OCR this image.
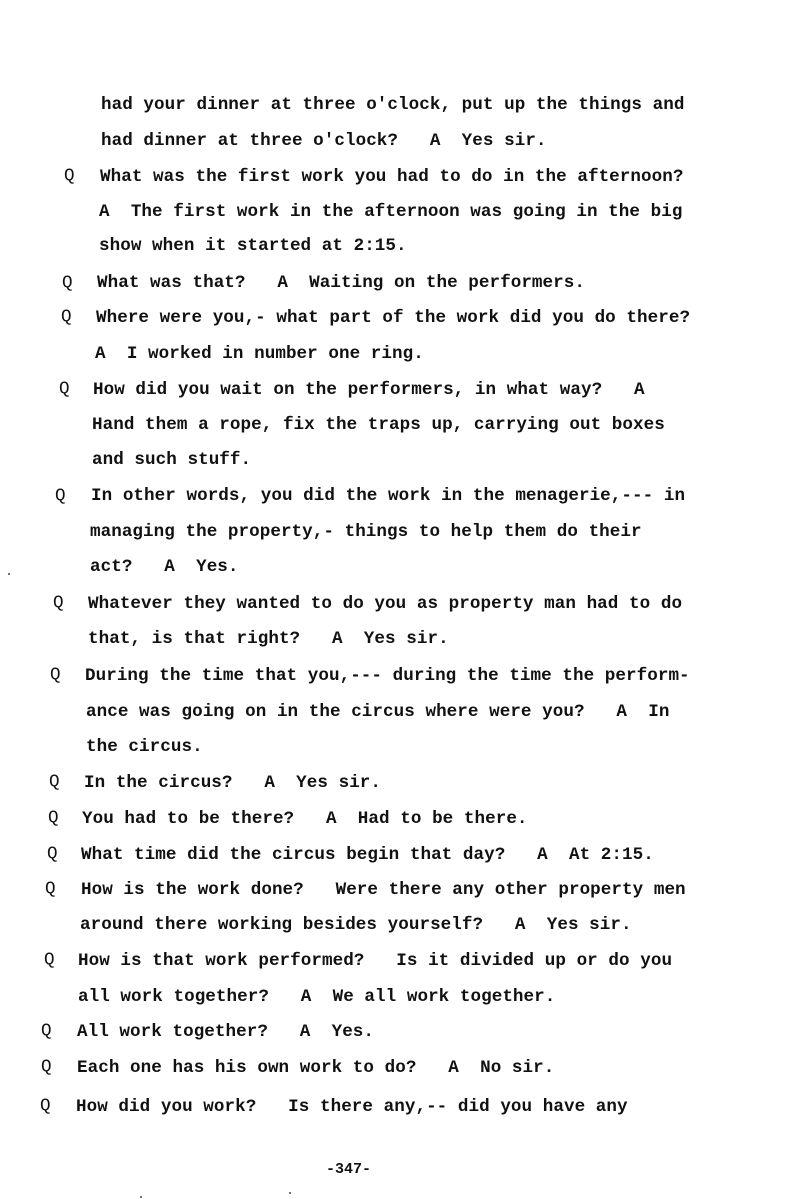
had your dinner at three o'clock, put up the things and
had dinner at three o'clock?   A  Yes sir.
Q What was the first work you had to do in the afternoon?
A  The first work in the afternoon was going in the big
show when it started at 2:15.
Q What was that?   A  Waiting on the performers.
Q Where were you,- what part of the work did you do there?
A  I worked in number one ring.
Q How did you wait on the performers, in what way?   A
Hand them a rope, fix the traps up, carrying out boxes
and such stuff.
Q In other words, you did the work in the menagerie,--- in
managing the property,- things to help them do their
act?   A  Yes.
Q Whatever they wanted to do you as property man had to do
that, is that right?   A  Yes sir.
Q During the time that you,--- during the time the perform-
ance was going on in the circus where were you?   A  In
the circus.
Q In the circus?   A  Yes sir.
Q You had to be there?   A  Had to be there.
Q What time did the circus begin that day?   A  At 2:15.
Q How is the work done?   Were there any other property men
around there working besides yourself?   A  Yes sir.
Q How is that work performed?   Is it divided up or do you
all work together?   A  We all work together.
Q All work together?   A  Yes.
Q Each one has his own work to do?   A  No sir.
Q How did you work?   Is there any,-- did you have any
-347-
